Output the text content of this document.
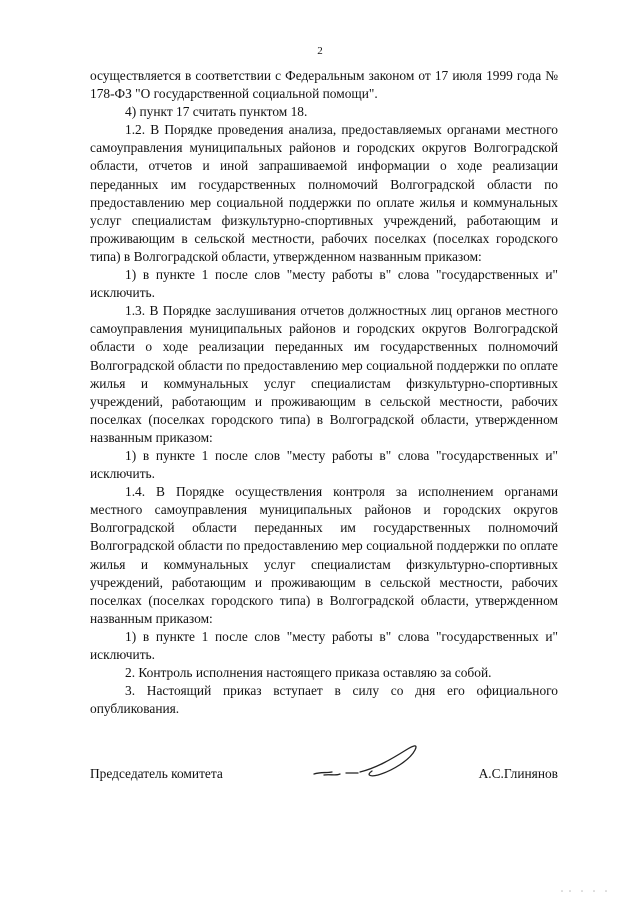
2

осуществляется в соответствии с Федеральным законом от 17 июля 1999 года № 178-ФЗ "О государственной социальной помощи".

4) пункт 17 считать пунктом 18.

1.2. В Порядке проведения анализа, предоставляемых органами местного самоуправления муниципальных районов и городских округов Волгоградской области, отчетов и иной запрашиваемой информации о ходе реализации переданных им государственных полномочий Волгоградской области по предоставлению мер социальной поддержки по оплате жилья и коммунальных услуг специалистам физкультурно-спортивных учреждений, работающим и проживающим в сельской местности, рабочих поселках (поселках городского типа) в Волгоградской области, утвержденном названным приказом:

1) в пункте 1 после слов "месту работы в" слова "государственных и" исключить.

1.3. В Порядке заслушивания отчетов должностных лиц органов местного самоуправления муниципальных районов и городских округов Волгоградской области о ходе реализации переданных им государственных полномочий Волгоградской области по предоставлению мер социальной поддержки по оплате жилья и коммунальных услуг специалистам физкультурно-спортивных учреждений, работающим и проживающим в сельской местности, рабочих поселках (поселках городского типа) в Волгоградской области, утвержденном названным приказом:

1) в пункте 1 после слов "месту работы в" слова "государственных и" исключить.

1.4. В Порядке осуществления контроля за исполнением органами местного самоуправления муниципальных районов и городских округов Волгоградской области переданных им государственных полномочий Волгоградской области по предоставлению мер социальной поддержки по оплате жилья и коммунальных услуг специалистам физкультурно-спортивных учреждений, работающим и проживающим в сельской местности, рабочих поселках (поселках городского типа) в Волгоградской области, утвержденном названным приказом:

1) в пункте 1 после слов "месту работы в" слова "государственных и" исключить.

2. Контроль исполнения настоящего приказа оставляю за собой.

3. Настоящий приказ вступает в силу со дня его официального опубликования.

Председатель комитета	А.С.Глинянов
